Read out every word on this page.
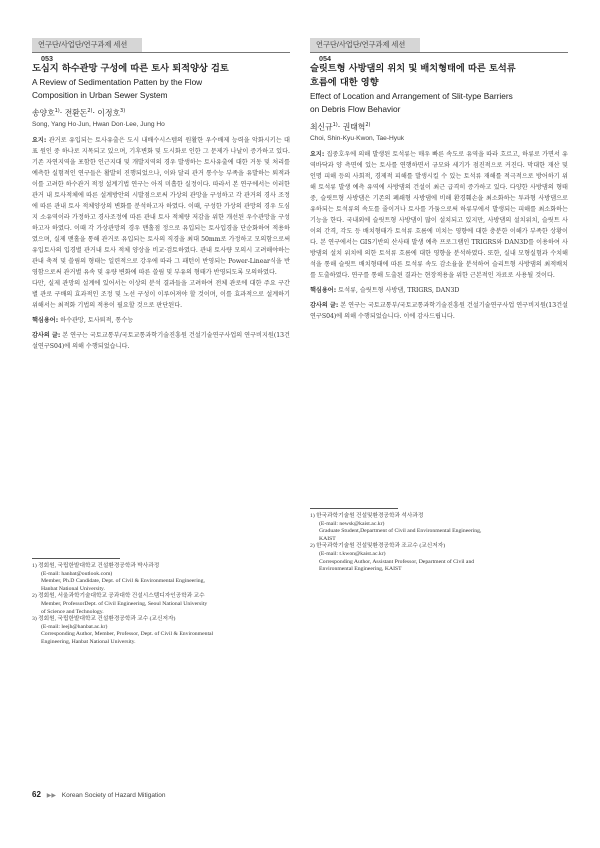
연구단/사업단/연구과제 세션053
도심지 하수관망 구성에 따른 토사 퇴적양상 검토
A Review of Sedimentation Patten by the Flow
Composition in Urban Sewer System
송양호$^{1)}$· 전환돈$^{2)}$· 이정호$^{3)}$
Song, Yang Ho·Jun, Hwan Don·Lee, Jung Ho

요지: 관거로 유입되는 토사유출은 도시 내배수시스템의 원활한 우수배제 능력을 악화시키는 대표 원인 중 하나로 지목되고 있으며, 기후변화 및 도시화로 인한 그 문제가 나날이 증가하고 있다. 기존 자연지역을 포함한 인근지대 및 개발지역의 경우 발생하는 토사유출에 대한 거동 및 처리를 예측한 실험적인 연구들은 활발히 진행되었으나, 이와 달리 관거 통수능 부족을 유발하는 퇴적과 이를 고려한 하수관거 적정 설계기법 연구는 아직 미흡한 실정이다. 따라서 본 연구에서는 이러한 관거 내 토사적체에 따른 설계방안의 시발점으로써 가상의 관망을 구성하고 각 관거의 경사 조정에 따른 관내 토사 적체양상의 변화를 분석하고자 하였다. 이때, 구성한 가상의 관망의 경우 도심지 소유역이라 가정하고 경사조정에 따른 관내 토사 적체량 저감을 위한 개선된 우수관망을 구성하고자 하였다. 이때 각 가상관망의 경우 맨홀점 정으로 유입되는 토사입경을 단순화하여 적용하였으며, 실제 맨홀을 통해 관거로 유입되는 토사의 직경을 최대 50mm로 가정하고 모의함으로써 유입토사의 입경별 관거내 토사 적체 양상을 비교·검토하였다. 관내 토사량 모의시 고려해야하는 관내 축적 및 쓸림의 형태는 일련적으로 강우에 따라 그 패턴이 반영되는 Power-Linear식을 반영함으로써 관거별 유속 및 유량 변화에 따른 쓸림 및 부유의 형태가 반영되도록 모의하였다.

다만, 실제 관망의 설계에 있어서는 이상의 분석 결과들을 고려하여 전체 관로에 대한 주요 구간별 관로 구배의 효과적인 조정 및 노선 구성이 이루어져야 할 것이며, 이를 효과적으로 설계하기 위해서는 최적화 기법의 적용이 필요할 것으로 판단된다.

핵심용어: 하수관망, 토사퇴적, 통수능
감사의 글: 본 연구는 국토교통부/국토교통과학기술진흥원 건설기술연구사업의 연구비지원(13건설연구S04)에 의해 수행되었습니다.
1) 정회원, 국립한밭대학교 건설환경공학과 박사과정
(E-mail: hanbat@outlook.com)
Member, Ph.D Candidate, Dept. of Civil & Environmental Engineering,
Hanbat National University.
2) 정회원, 서울과학기술대학교 공과대학 건설시스템디자인공학과 교수
Member, ProfessorDept. of Civil Engineering, Seoul National University
of Science and Technology.
3) 정회원, 국립한밭대학교 건설환경공학과 교수 (교신저자)
(E-mail: leejh@hanbat.ac.kr)
Corresponding Author, Member, Professor, Dept. of Civil & Environmental
Engineering, Hanbat National University.
연구단/사업단/연구과제 세션054
슬릿트형 사방댐의 위치 및 배치형태에 따른 토석류
흐름에 대한 영향
Effect of Location and Arrangement of Slit-type Barriers
on Debris Flow Behavior
최신규$^{1)}$· 권태혁$^{2)}$
Choi, Shin-Kyu·Kwon, Tae-Hyuk

요지: 집중호우에 의해 발생된 토석류는 매우 빠른 속도로 유역을 따라 흐르고, 하류로 가면서 유역바닥과 양 측면에 있는 토사를 연행하면서 규모와 세기가 점진적으로 커진다. 막대한 재산 및 인명 피해 등의 사회적, 경제적 피해를 발생시킬 수 있는 토석류 재해를 적극적으로 방어하기 위해 토석류 발생 예측 유역에 사방댐의 건설이 최근 급격히 증가하고 있다. 다양한 사방댐의 형태 중, 슬릿트형 사방댐은 기존의 폐쇄형 사방댐에 비해 환경훼손을 최소화하는 투과형 사방댐으로 유하되는 토석류의 속도를 줄이거나 토사를 가둠으로써 하류부에서 발생되는 피해를 최소화하는 기능을 한다. 국내외에 슬릿트형 사방댐이 많이 설치되고 있지만, 사방댐의 설치위치, 슬릿트 사이의 간격, 각도 등 배치형태가 토석류 흐름에 미치는 영향에 대한 충분한 이해가 부족한 상황이다. 본 연구에서는 GIS기반의 산사태 발생 예측 프로그램인 TRIGRS와 DAN3D를 이용하여 사방댐의 설치 위치에 의한 토석류 흐름에 대한 영향을 분석하였다. 또한, 실내 모형실험과 수치해석을 통해 슬릿트 배치형태에 따른 토석류 속도 감소율을 분석하여 슬리트형 사방댐의 최적배치를 도출하였다. 연구를 통해 도출된 결과는 현장적용을 위한 근본적인 자료로 사용될 것이다.

핵심용어: 토석류, 슬릿트형 사방댐, TRIGRS, DAN3D
감사의 글: 본 연구는 국토교통부/국토교통과학기술진흥원 건설기술연구사업 연구비지원(13건설연구S04)에 의해 수행되었습니다. 이에 감사드립니다.
1) 한국과학기술원 건설및환경공학과 석사과정
(E-mail: newsk@kaist.ac.kr)
Graduate Student,Department of Civil and Environmental Engineering,
KAIST
2) 한국과학기술원 건설및환경공학과 조교수 (교신저자)
(E-mail: t.kwon@kaist.ac.kr)
Corresponding Author, Assistant Professor, Department of Civil and
Environmental Engineering, KAIST
62 ▶▶ Korean Society of Hazard Mitigation
